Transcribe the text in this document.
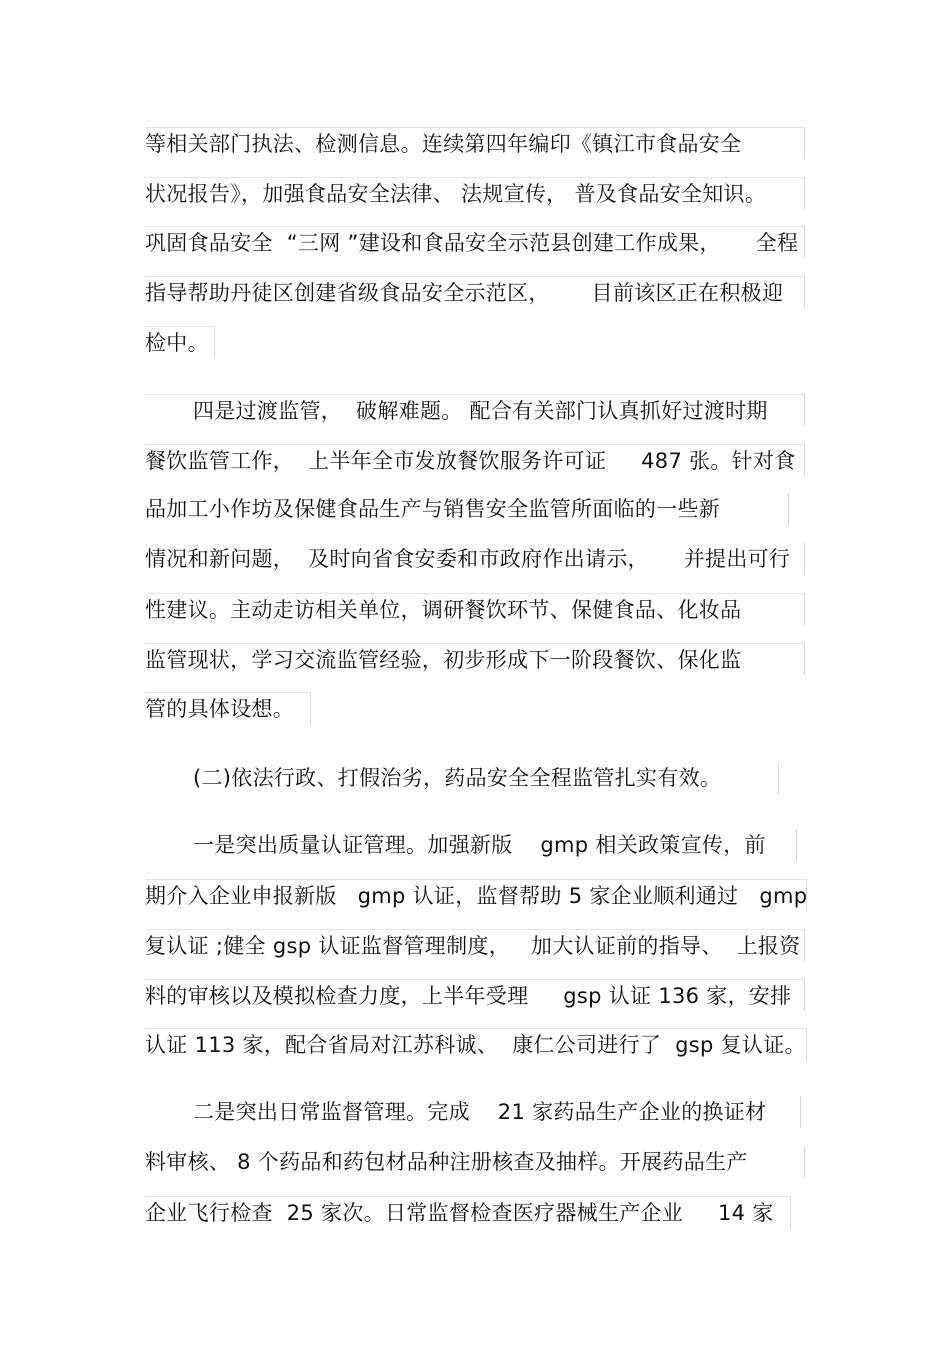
等相关部门执法、检测信息。连续第四年编印《镇江市食品安全
状况报告》，加强食品安全法律、 法规宣传， 普及食品安全知识。
巩固食品安全  “三网 ”建设和食品安全示范县创建工作成果，     全程
指导帮助丹徒区创建省级食品安全示范区，      目前该区正在积极迎
检中。
四是过渡监管，  破解难题。 配合有关部门认真抓好过渡时期
餐饮监管工作，  上半年全市发放餐饮服务许可证     487 张。针对食
品加工小作坊及保健食品生产与销售安全监管所面临的一些新
情况和新问题，  及时向省食安委和市政府作出请示，     并提出可行
性建议。主动走访相关单位，调研餐饮环节、保健食品、化妆品
监管现状，学习交流监管经验，初步形成下一阶段餐饮、保化监
管的具体设想。
(二)依法行政、打假治劣，药品安全全程监管扎实有效。
一是突出质量认证管理。加强新版    gmp 相关政策宣传，前
期介入企业申报新版   gmp 认证，监督帮助 5 家企业顺利通过   gmp
复认证 ;健全 gsp 认证监督管理制度，   加大认证前的指导、  上报资
料的审核以及模拟检查力度，上半年受理     gsp 认证 136 家，安排
认证 113 家，配合省局对江苏科诚、  康仁公司进行了  gsp 复认证。
二是突出日常监督管理。完成    21 家药品生产企业的换证材
料审核、 8 个药品和药包材品种注册核查及抽样。开展药品生产
企业飞行检查  25 家次。日常监督检查医疗器械生产企业     14 家
